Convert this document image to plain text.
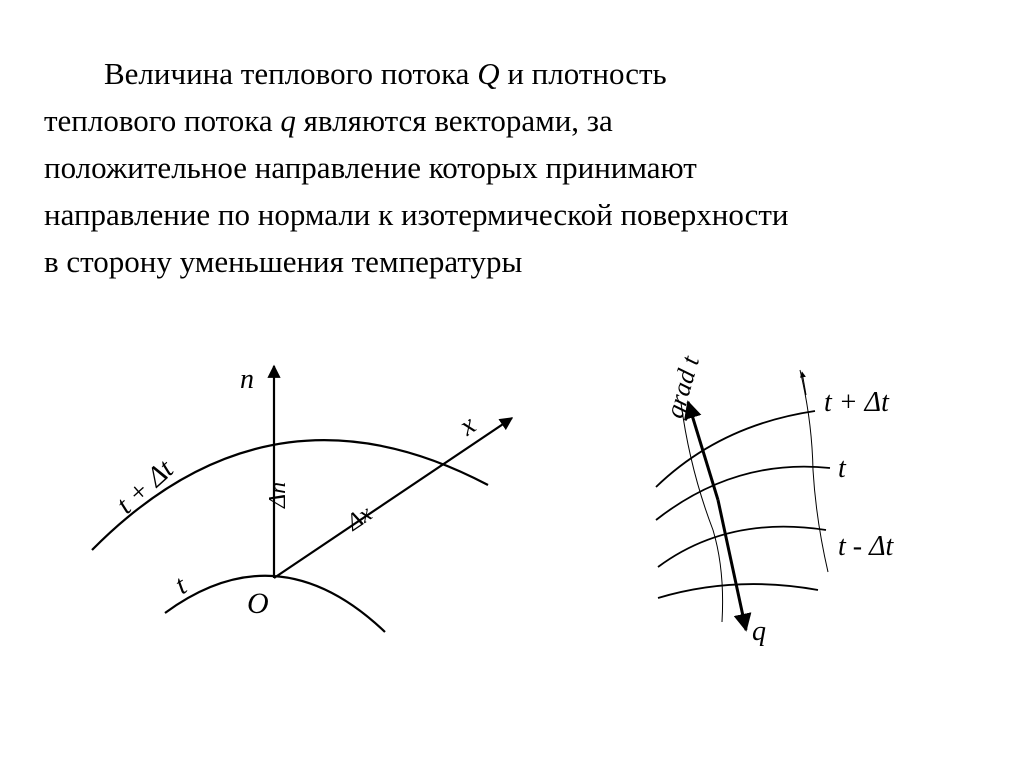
Величина теплового потока Q и плотность
теплового потока q являются векторами, за
положительное направление которых принимают
направление по нормали к изотермической поверхности
в сторону уменьшения температуры
n
x
t + Δt
t
O
Δn
Δx
grad t	t + Δt
t
t - Δt
q
